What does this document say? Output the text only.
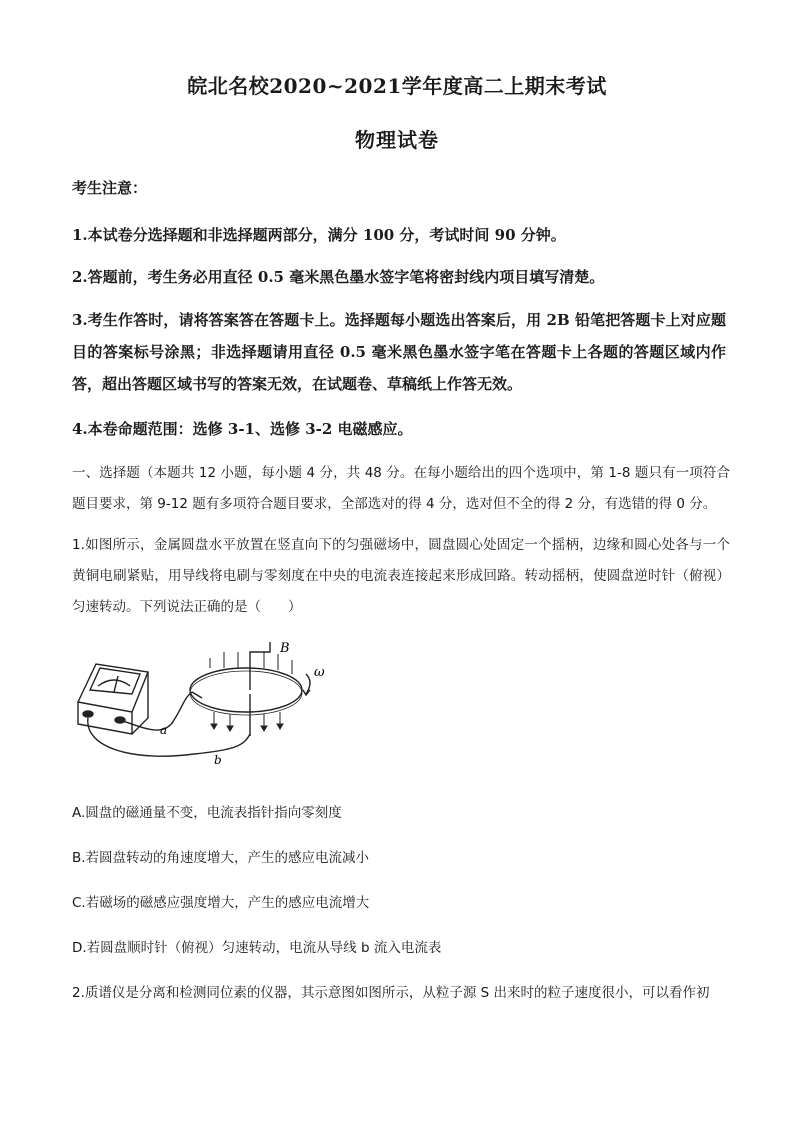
皖北名校2020~2021学年度高二上期末考试
物理试卷
考生注意：

1.本试卷分选择题和非选择题两部分，满分 100 分，考试时间 90 分钟。

2.答题前，考生务必用直径 0.5 毫米黑色墨水签字笔将密封线内项目填写清楚。

3.考生作答时，请将答案答在答题卡上。选择题每小题选出答案后，用 2B 铅笔把答题卡上对应题目的答案标号涂黑；非选择题请用直径 0.5 毫米黑色墨水签字笔在答题卡上各题的答题区域内作答，超出答题区域书写的答案无效，在试题卷、草稿纸上作答无效。

4.本卷命题范围：选修 3-1、选修 3-2 电磁感应。

一、选择题（本题共 12 小题，每小题 4 分，共 48 分。在每小题给出的四个选项中，第 1-8 题只有一项符合题目要求，第 9-12 题有多项符合题目要求，全部选对的得 4 分，选对但不全的得 2 分，有选错的得 0 分。

1.如图所示，金属圆盘水平放置在竖直向下的匀强磁场中，圆盘圆心处固定一个摇柄，边缘和圆心处各与一个黄铜电刷紧贴，用导线将电刷与零刻度在中央的电流表连接起来形成回路。转动摇柄，使圆盘逆时针（俯视）匀速转动。下列说法正确的是（　　）

B
ω
a
b
A.圆盘的磁通量不变，电流表指针指向零刻度
B.若圆盘转动的角速度增大，产生的感应电流减小
C.若磁场的磁感应强度增大，产生的感应电流增大
D.若圆盘顺时针（俯视）匀速转动，电流从导线 b 流入电流表
2.质谱仪是分离和检测同位素的仪器，其示意图如图所示，从粒子源 S 出来时的粒子速度很小，可以看作初
